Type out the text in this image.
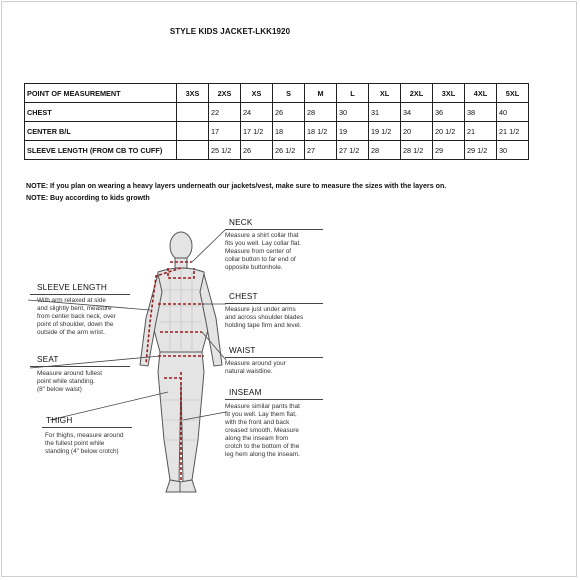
STYLE KIDS JACKET-LKK1920
POINT OF MEASUREMENT	3XS	2XS	XS	S	M	L	XL	2XL	3XL	4XL	5XL
CHEST		22	24	26	28	30	31	34	36	38	40
CENTER B/L		17	17 1/2	18	18 1/2	19	19 1/2	20	20 1/2	21	21 1/2
SLEEVE LENGTH (FROM CB TO CUFF)		25 1/2	26	26 1/2	27	27 1/2	28	28 1/2	29	29 1/2	30
NOTE: If you plan on wearing a heavy layers underneath our jackets/vest, make sure to measure the sizes with the layers on.
NOTE: Buy according to kids growth
NECK
Measure a shirt collar that
fits you well. Lay collar flat.
Measure from center of
collar button to far end of
opposite buttonhole.
CHEST
Measure just under arms
and across shoulder blades
holding tape firm and level.
WAIST
Measure around your
natural waistline.
INSEAM
Measure similar pants that
fit you well. Lay them flat,
with the front and back
creased smooth. Measure
along the inseam from
crotch to the bottom of the
leg hem along the inseam.
SLEEVE LENGTH
With arm relaxed at side
and slightly bent, measure
from center back neck, over
point of shoulder, down the
outside of the arm wrist.
SEAT
Measure around fullest
point while standing.
(8" below waist)
THIGH
For thighs, measure around
the fullest point while
standing (4" below crotch)
